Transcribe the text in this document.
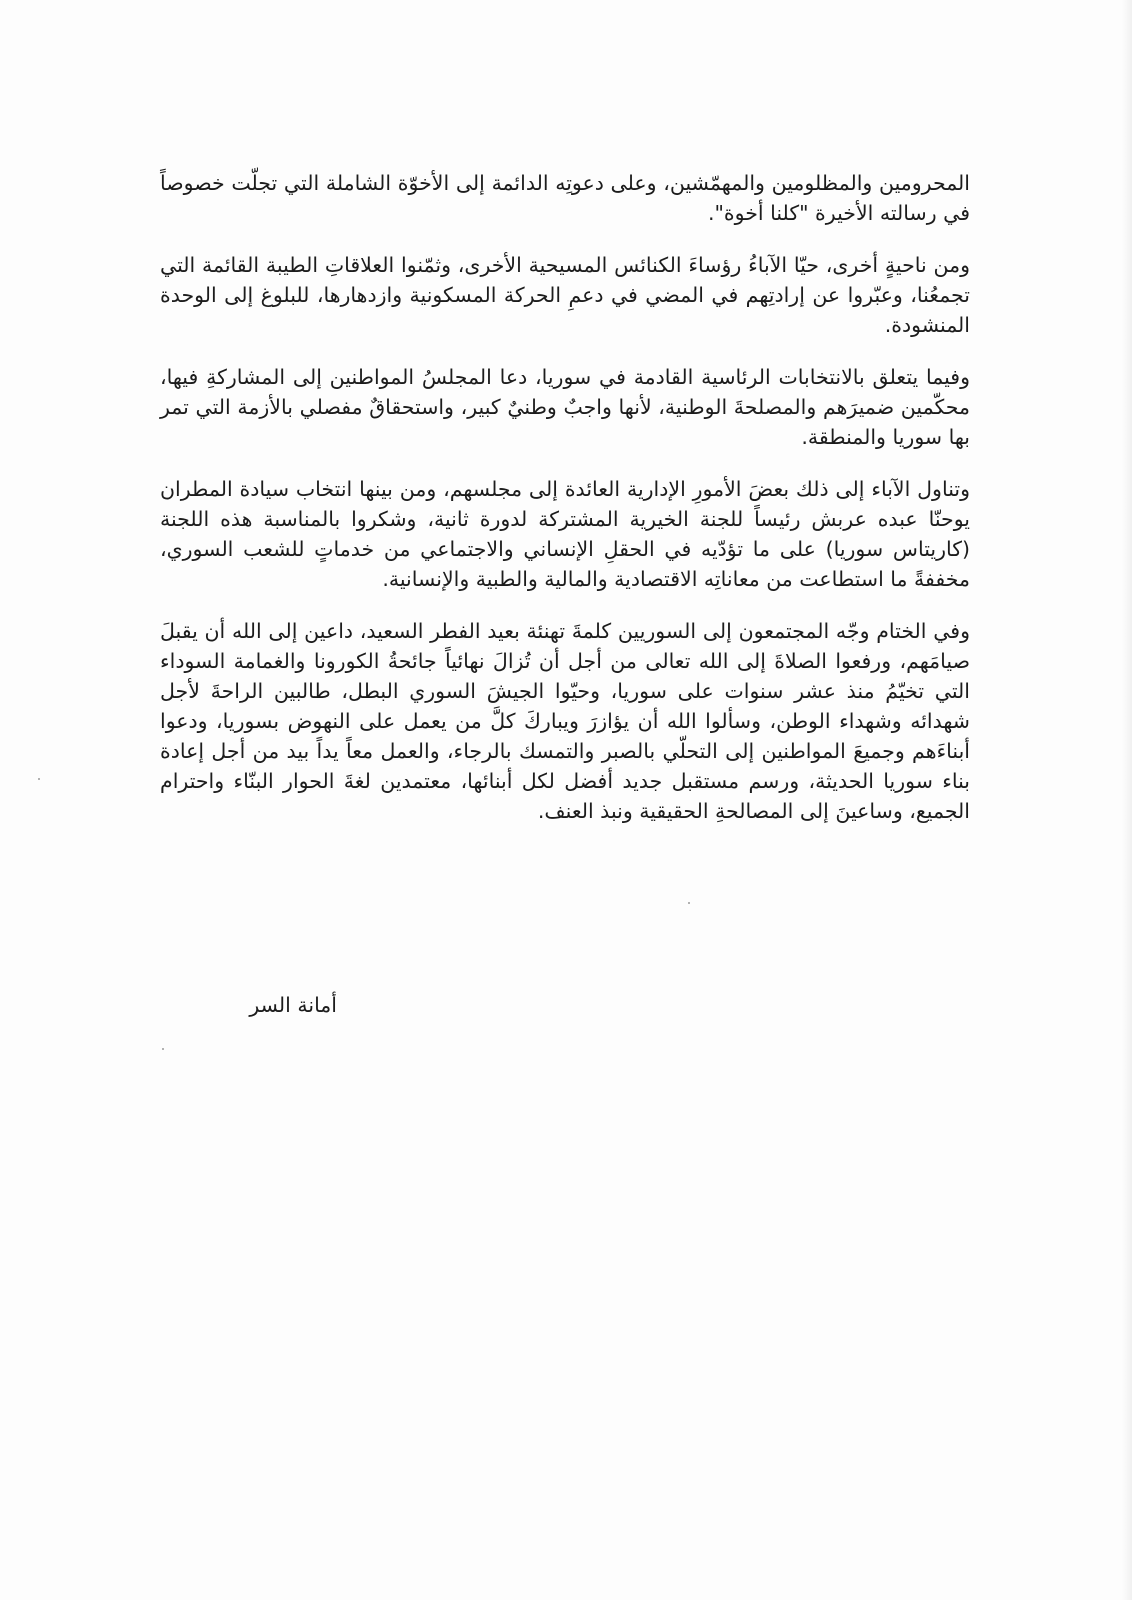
المحرومين والمظلومين والمهمّشين، وعلى دعوتِه الدائمة إلى الأخوّة الشاملة التي تجلّت خصوصاً في رسالته الأخيرة "كلنا أخوة".

ومن ناحيةٍ أخرى، حيّا الآباءُ رؤساءَ الكنائس المسيحية الأخرى، وثمّنوا العلاقاتِ الطيبة القائمة التي تجمعُنا، وعبّروا عن إرادتِهم في المضي في دعمِ الحركة المسكونية وازدهارها، للبلوغ إلى الوحدة المنشودة.

وفيما يتعلق بالانتخابات الرئاسية القادمة في سوريا، دعا المجلسُ المواطنين إلى المشاركةِ فيها، محكّمين ضميرَهم والمصلحةَ الوطنية، لأنها واجبٌ وطنيٌ كبير، واستحقاقٌ مفصلي بالأزمة التي تمر بها سوريا والمنطقة.

وتناول الآباء إلى ذلك بعضَ الأمورِ الإدارية العائدة إلى مجلسهم، ومن بينها انتخاب سيادة المطران يوحنّا عبده عربش رئيساً للجنة الخيرية المشتركة لدورة ثانية، وشكروا بالمناسبة هذه اللجنة (كاريتاس سوريا) على ما تؤدّيه في الحقلِ الإنساني والاجتماعي من خدماتٍ للشعب السوري، مخففةً ما استطاعت من معاناتِه الاقتصادية والمالية والطبية والإنسانية.

وفي الختام وجّه المجتمعون إلى السوريين كلمةَ تهنئة بعيد الفطر السعيد، داعين إلى الله أن يقبلَ صيامَهم، ورفعوا الصلاةَ إلى الله تعالى من أجل أن تُزالَ نهائياً جائحةُ الكورونا والغمامة السوداء التي تخيّمُ منذ عشر سنوات على سوريا، وحيّوا الجيشَ السوري البطل، طالبين الراحةَ لأجل شهدائه وشهداء الوطن، وسألوا الله أن يؤازرَ ويباركَ كلَّ من يعمل على النهوض بسوريا، ودعوا أبناءَهم وجميعَ المواطنين إلى التحلّي بالصبر والتمسك بالرجاء، والعمل معاً يداً بيد من أجل إعادة بناء سوريا الحديثة، ورسم مستقبل جديد أفضل لكل أبنائها، معتمدين لغةَ الحوار البنّاء واحترام الجميع، وساعينَ إلى المصالحةِ الحقيقية ونبذ العنف.

أمانة السر
